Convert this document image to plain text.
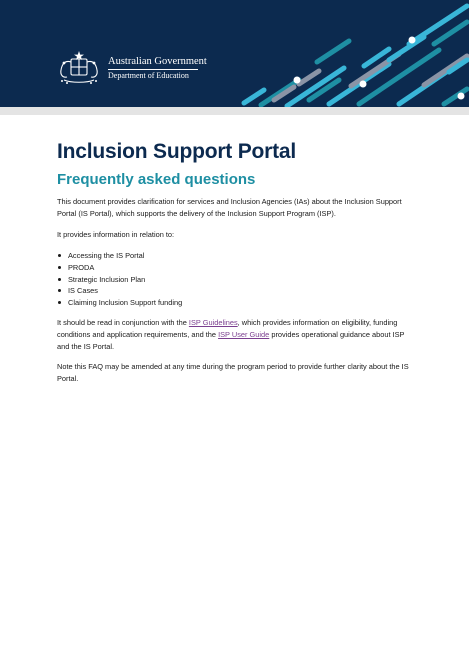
Australian Government
Department of Education
Inclusion Support Portal
Frequently asked questions

This document provides clarification for services and Inclusion Agencies (IAs) about the Inclusion Support Portal (IS Portal), which supports the delivery of the Inclusion Support Program (ISP).

It provides information in relation to:

Accessing the IS Portal
PRODA
Strategic Inclusion Plan
IS Cases
Claiming Inclusion Support funding

It should be read in conjunction with the ISP Guidelines, which provides information on eligibility, funding conditions and application requirements, and the ISP User Guide provides operational guidance about ISP and the IS Portal.

Note this FAQ may be amended at any time during the program period to provide further clarity about the IS Portal.
